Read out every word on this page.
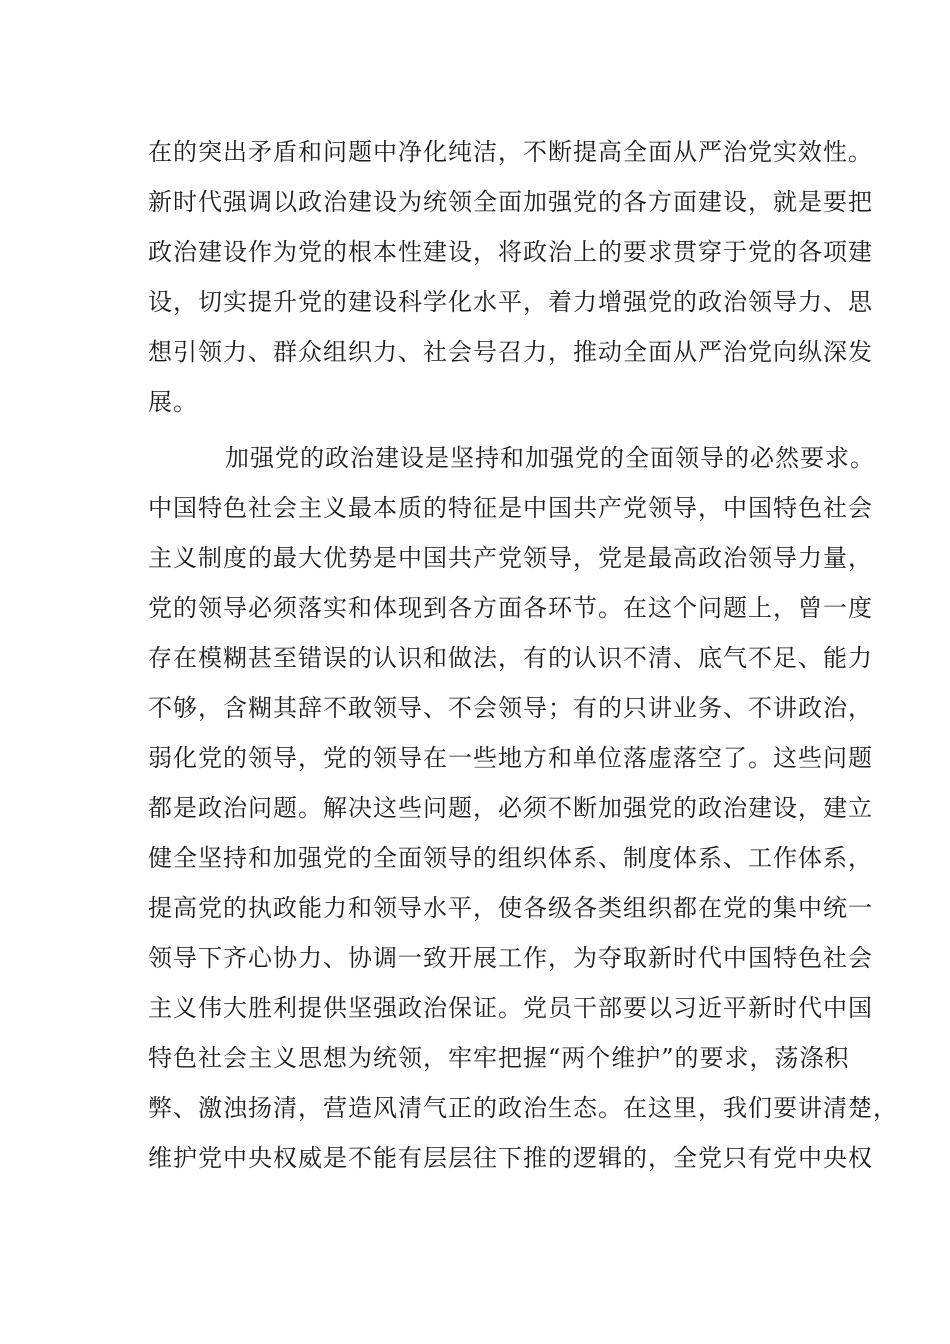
在的突出矛盾和问题中净化纯洁，不断提高全面从严治党实效性。
新时代强调以政治建设为统领全面加强党的各方面建设，就是要把
政治建设作为党的根本性建设，将政治上的要求贯穿于党的各项建
设，切实提升党的建设科学化水平，着力增强党的政治领导力、思
想引领力、群众组织力、社会号召力，推动全面从严治党向纵深发
展。
加强党的政治建设是坚持和加强党的全面领导的必然要求。
中国特色社会主义最本质的特征是中国共产党领导，中国特色社会
主义制度的最大优势是中国共产党领导，党是最高政治领导力量，
党的领导必须落实和体现到各方面各环节。在这个问题上，曾一度
存在模糊甚至错误的认识和做法，有的认识不清、底气不足、能力
不够，含糊其辞不敢领导、不会领导；有的只讲业务、不讲政治，
弱化党的领导，党的领导在一些地方和单位落虚落空了。这些问题
都是政治问题。解决这些问题，必须不断加强党的政治建设，建立
健全坚持和加强党的全面领导的组织体系、制度体系、工作体系，
提高党的执政能力和领导水平，使各级各类组织都在党的集中统一
领导下齐心协力、协调一致开展工作，为夺取新时代中国特色社会
主义伟大胜利提供坚强政治保证。党员干部要以习近平新时代中国
特色社会主义思想为统领，牢牢把握“两个维护”的要求，荡涤积
弊、激浊扬清，营造风清气正的政治生态。在这里，我们要讲清楚，
维护党中央权威是不能有层层往下推的逻辑的，全党只有党中央权
